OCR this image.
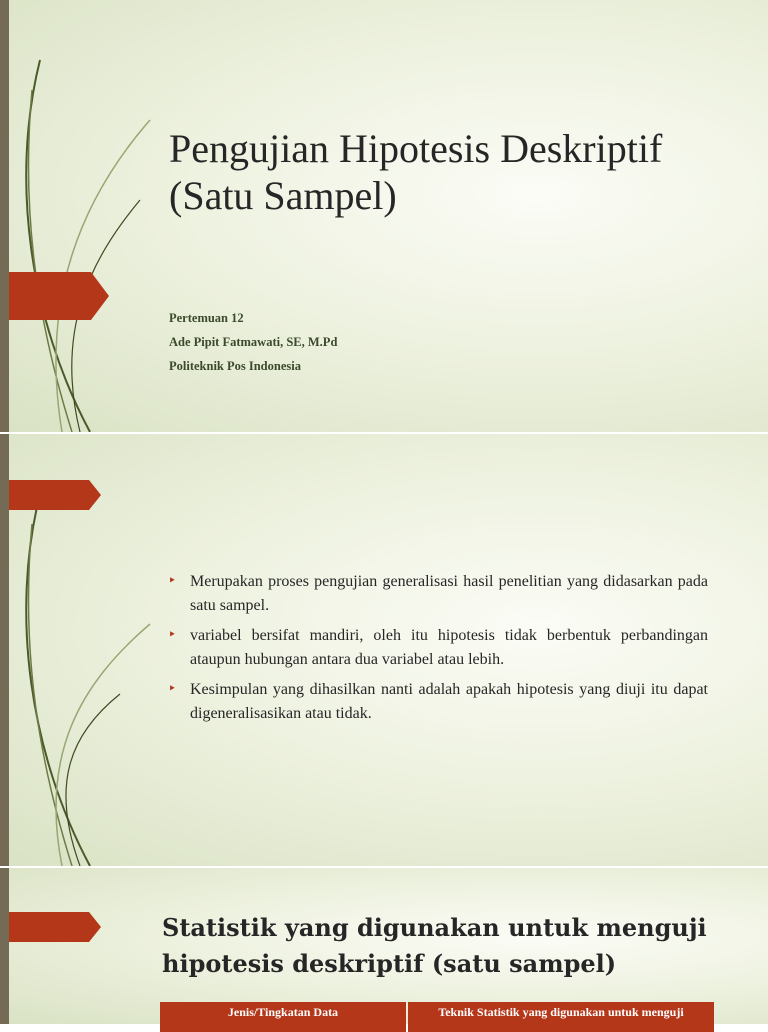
Pengujian Hipotesis Deskriptif (Satu Sampel)
Pertemuan 12
Ade Pipit Fatmawati, SE, M.Pd
Politeknik Pos Indonesia
‣ Merupakan proses pengujian generalisasi hasil penelitian yang didasarkan pada satu sampel.
‣ variabel bersifat mandiri, oleh itu hipotesis tidak berbentuk perbandingan ataupun hubungan antara dua variabel atau lebih.
‣ Kesimpulan yang dihasilkan nanti adalah apakah hipotesis yang diuji itu dapat digeneralisasikan atau tidak.
Statistik yang digunakan untuk menguji hipotesis deskriptif (satu sampel)
Jenis/Tingkatan Data	Teknik Statistik yang digunakan untuk menguji
